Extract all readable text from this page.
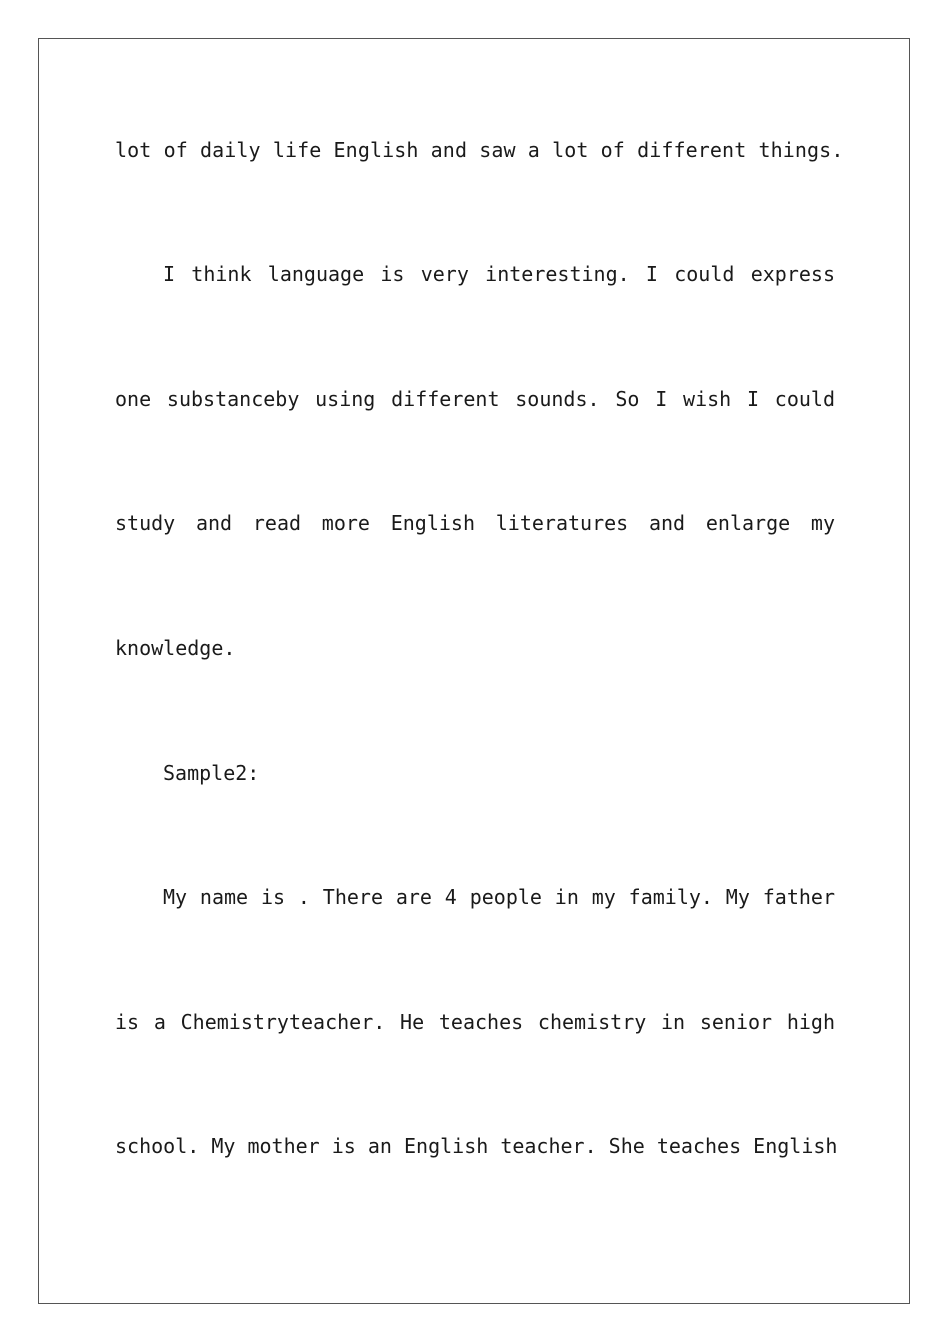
lot of daily life English and saw a lot of different things.
I think language is very interesting. I could express
one substanceby using different sounds. So I wish I could
study and read more English literatures and enlarge my
knowledge.
Sample2:
My name is . There are 4 people in my family. My father
is a Chemistryteacher. He teaches chemistry in senior high
school. My mother is an English teacher. She teaches English
